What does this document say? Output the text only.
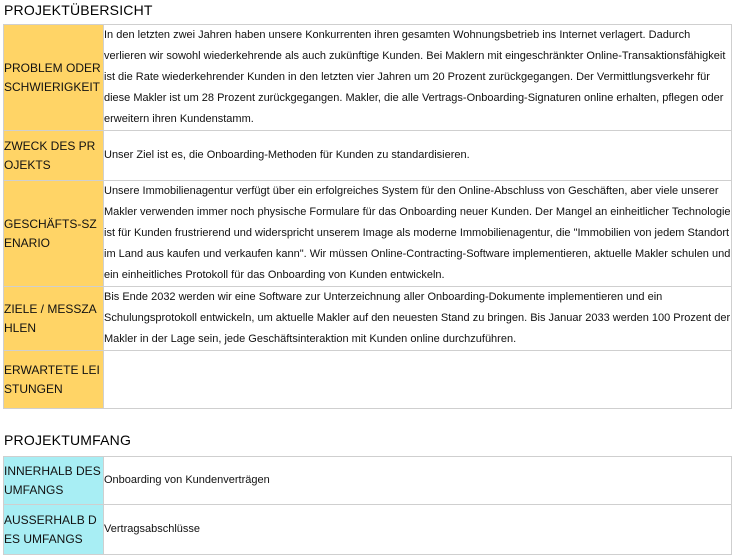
PROJEKTÜBERSICHT
PROBLEM ODER SCHWIERIGKEIT	In den letzten zwei Jahren haben unsere Konkurrenten ihren gesamten Wohnungsbetrieb ins Internet verlagert. Dadurch verlieren wir sowohl wiederkehrende als auch zukünftige Kunden. Bei Maklern mit eingeschränkter Online-Transaktionsfähigkeit ist die Rate wiederkehrender Kunden in den letzten vier Jahren um 20 Prozent zurückgegangen. Der Vermittlungsverkehr für diese Makler ist um 28 Prozent zurückgegangen. Makler, die alle Vertrags-Onboarding-Signaturen online erhalten, pflegen oder erweitern ihren Kundenstamm.

ZWECK DES PROJEKTS	Unser Ziel ist es, die Onboarding-Methoden für Kunden zu standardisieren.

GESCHÄFTS-SZENARIO	Unsere Immobilienagentur verfügt über ein erfolgreiches System für den Online-Abschluss von Geschäften, aber viele unserer Makler verwenden immer noch physische Formulare für das Onboarding neuer Kunden. Der Mangel an einheitlicher Technologie ist für Kunden frustrierend und widerspricht unserem Image als moderne Immobilienagentur, die "Immobilien von jedem Standort im Land aus kaufen und verkaufen kann". Wir müssen Online-Contracting-Software implementieren, aktuelle Makler schulen und ein einheitliches Protokoll für das Onboarding von Kunden entwickeln.

ZIELE / MESSZAHLEN	Bis Ende 2032 werden wir eine Software zur Unterzeichnung aller Onboarding-Dokumente implementieren und ein Schulungsprotokoll entwickeln, um aktuelle Makler auf den neuesten Stand zu bringen. Bis Januar 2033 werden 100 Prozent der Makler in der Lage sein, jede Geschäftsinteraktion mit Kunden online durchzuführen.

ERWARTETE LEISTUNGEN	
PROJEKTUMFANG
INNERHALB DES UMFANGS	Onboarding von Kundenverträgen

AUSSERHALB DES UMFANGS	Vertragsabschlüsse
